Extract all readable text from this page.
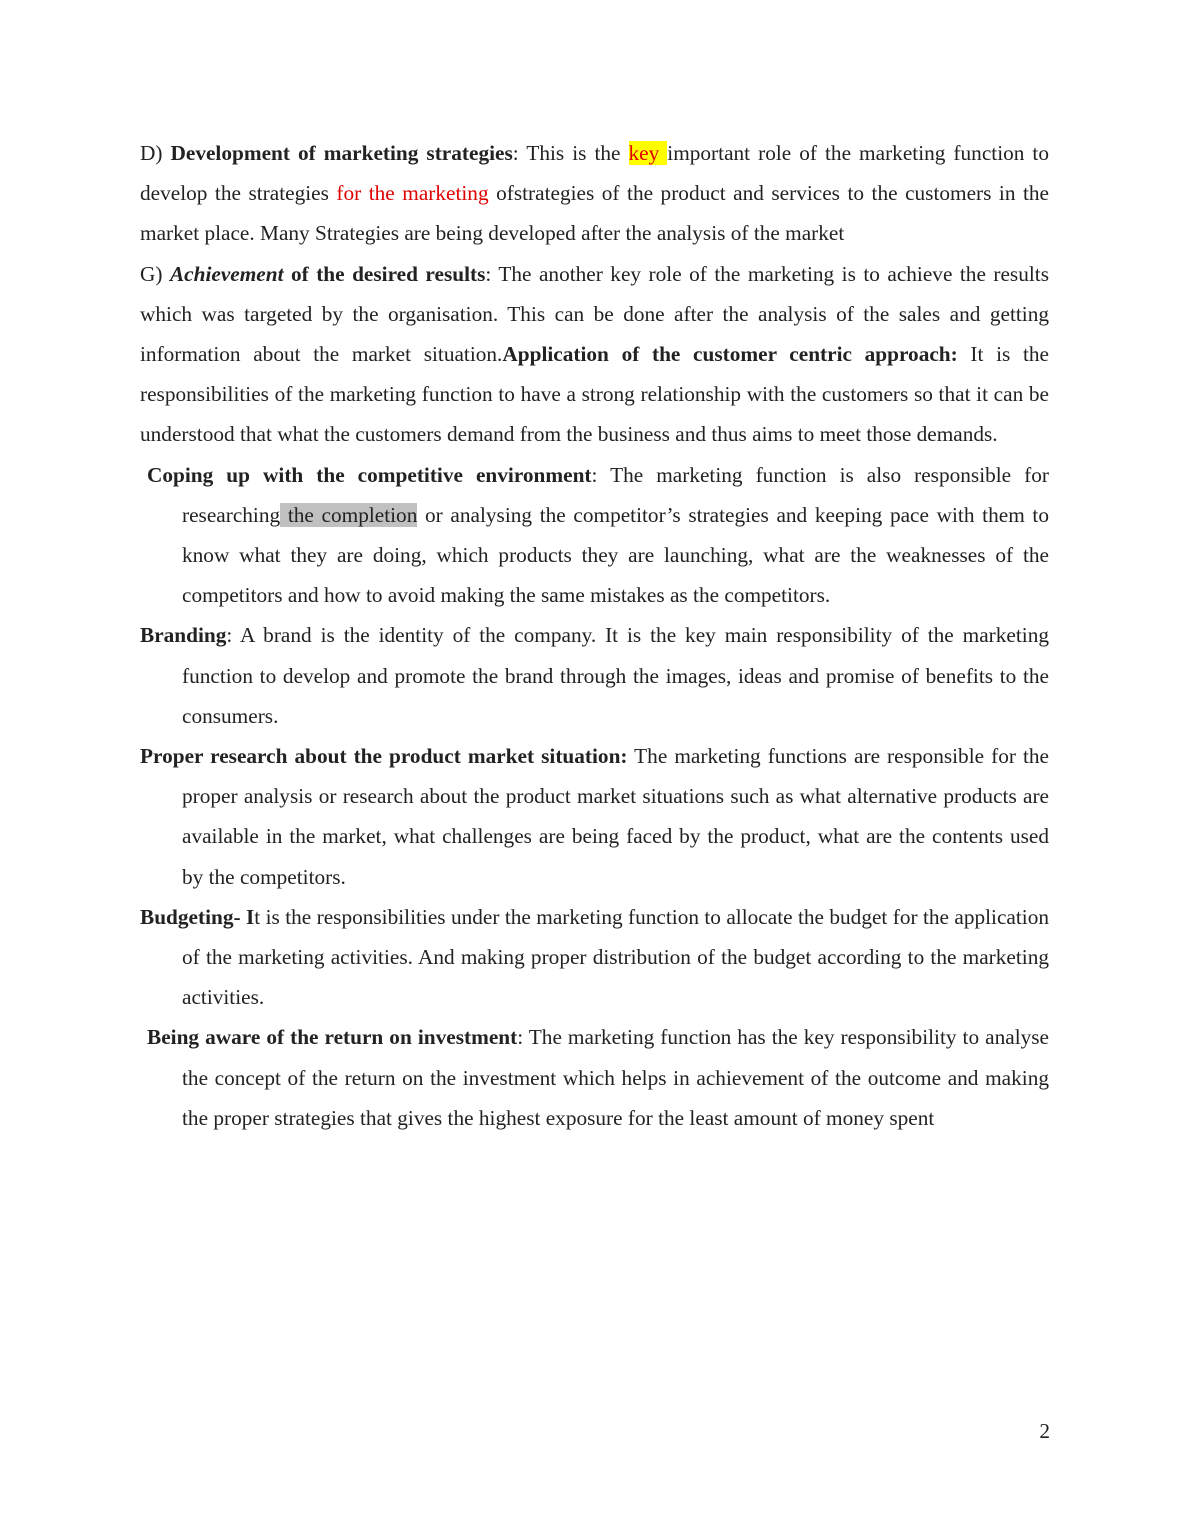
D) Development of marketing strategies: This is the key important role of the marketing function to develop the strategies for the marketing ofstrategies of the product and services to the customers in the market place. Many Strategies are being developed after the analysis of the market

G) Achievement of the desired results: The another key role of the marketing is to achieve the results which was targeted by the organisation. This can be done after the analysis of the sales and getting information about the market situation.Application of the customer centric approach: It is the responsibilities of the marketing function to have a strong relationship with the customers so that it can be understood that what the customers demand from the business and thus aims to meet those demands.

Coping up with the competitive environment: The marketing function is also responsible for researching the completion or analysing the competitor’s strategies and keeping pace with them to know what they are doing, which products they are launching, what are the weaknesses of the competitors and how to avoid making the same mistakes as the competitors.

Branding: A brand is the identity of the company. It is the key main responsibility of the marketing function to develop and promote the brand through the images, ideas and promise of benefits to the consumers.

Proper research about the product market situation: The marketing functions are responsible for the proper analysis or research about the product market situations such as what alternative products are available in the market, what challenges are being faced by the product, what are the contents used by the competitors.

Budgeting- It is the responsibilities under the marketing function to allocate the budget for the application of the marketing activities. And making proper distribution of the budget according to the marketing activities.

Being aware of the return on investment: The marketing function has the key responsibility to analyse the concept of the return on the investment which helps in achievement of the outcome and making the proper strategies that gives the highest exposure for the least amount of money spent

2
